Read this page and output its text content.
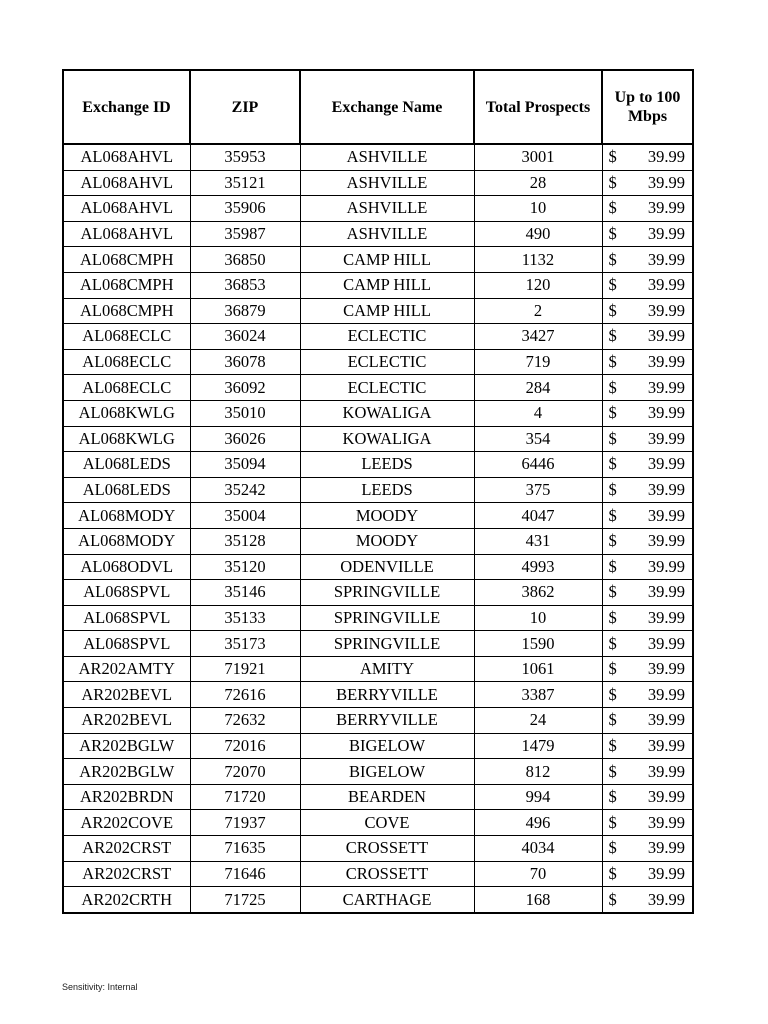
Exchange ID	ZIP	Exchange Name	Total Prospects	Up to 100
Mbps
AL068AHVL	35953	ASHVILLE	3001	$ 39.99

AL068AHVL	35121	ASHVILLE	28	$ 39.99

AL068AHVL	35906	ASHVILLE	10	$ 39.99

AL068AHVL	35987	ASHVILLE	490	$ 39.99

AL068CMPH	36850	CAMP HILL	1132	$ 39.99

AL068CMPH	36853	CAMP HILL	120	$ 39.99

AL068CMPH	36879	CAMP HILL	2	$ 39.99

AL068ECLC	36024	ECLECTIC	3427	$ 39.99

AL068ECLC	36078	ECLECTIC	719	$ 39.99

AL068ECLC	36092	ECLECTIC	284	$ 39.99

AL068KWLG	35010	KOWALIGA	4	$ 39.99

AL068KWLG	36026	KOWALIGA	354	$ 39.99

AL068LEDS	35094	LEEDS	6446	$ 39.99

AL068LEDS	35242	LEEDS	375	$ 39.99

AL068MODY	35004	MOODY	4047	$ 39.99

AL068MODY	35128	MOODY	431	$ 39.99

AL068ODVL	35120	ODENVILLE	4993	$ 39.99

AL068SPVL	35146	SPRINGVILLE	3862	$ 39.99

AL068SPVL	35133	SPRINGVILLE	10	$ 39.99

AL068SPVL	35173	SPRINGVILLE	1590	$ 39.99

AR202AMTY	71921	AMITY	1061	$ 39.99

AR202BEVL	72616	BERRYVILLE	3387	$ 39.99

AR202BEVL	72632	BERRYVILLE	24	$ 39.99

AR202BGLW	72016	BIGELOW	1479	$ 39.99

AR202BGLW	72070	BIGELOW	812	$ 39.99

AR202BRDN	71720	BEARDEN	994	$ 39.99

AR202COVE	71937	COVE	496	$ 39.99

AR202CRST	71635	CROSSETT	4034	$ 39.99

AR202CRST	71646	CROSSETT	70	$ 39.99

AR202CRTH	71725	CARTHAGE	168	$ 39.99
Sensitivity: Internal
